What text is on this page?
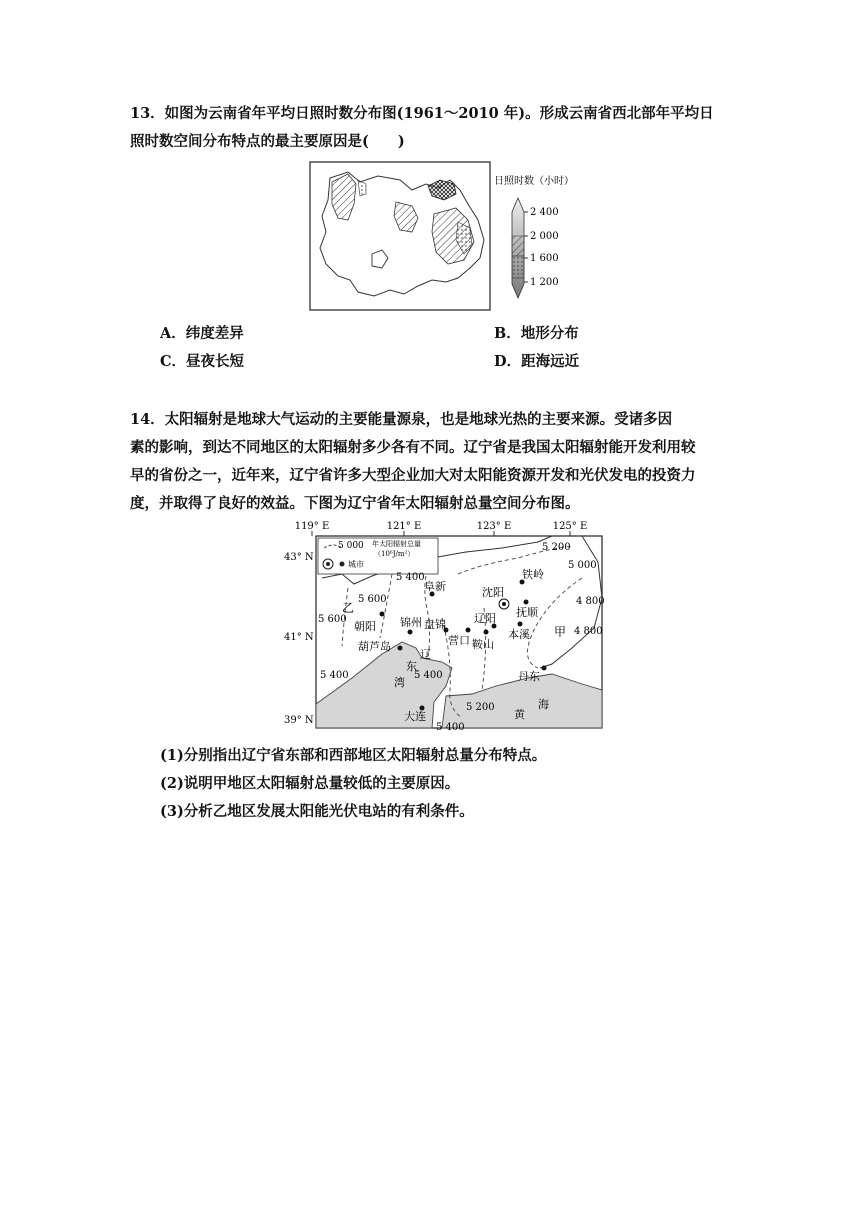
13．如图为云南省年平均日照时数分布图(1961～2010 年)。形成云南省西北部年平均日
照时数空间分布特点的最主要原因是(　　)
日照时数（小时）
2 400
2 000
1 600
1 200
A．纬度差异	B．地形分布
C．昼夜长短	D．距海远近
14．太阳辐射是地球大气运动的主要能量源泉，也是地球光热的主要来源。受诸多因
素的影响，到达不同地区的太阳辐射多少各有不同。辽宁省是我国太阳辐射能开发利用较
早的省份之一，近年来，辽宁省许多大型企业加大对太阳能资源开发和光伏发电的投资力
度，并取得了良好的效益。下图为辽宁省年太阳辐射总量空间分布图。
119° E	121° E	123° E	125° E
43° N
41° N
39° N
5 000 年太阳辐射总量
（10⁶J/m²）
城市
5 200
5 000
5 400
5 600
5 600
4 800
4 800
5 400	5 400
5 200
5 400
阜新
铁岭
沈阳
抚顺
辽阳
本溪
朝阳 锦州 盘锦
营口 鞍山
葫芦岛
丹东
大连
乙
甲
辽
东
湾
黄
海
(1)分别指出辽宁省东部和西部地区太阳辐射总量分布特点。
(2)说明甲地区太阳辐射总量较低的主要原因。
(3)分析乙地区发展太阳能光伏电站的有利条件。
